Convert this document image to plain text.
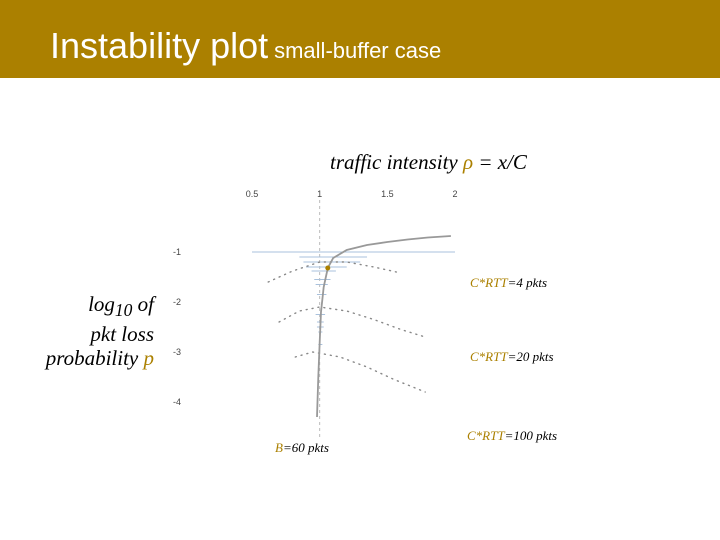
Instability plot small-buffer case
traffic intensity ρ = x/C
$\log_{10}$ of
pkt loss
probability p
C*RTT=4 pkts
C*RTT=20 pkts
C*RTT=100 pkts
B=60 pkts
0.5	1	1.5	2
-1
-2
-3
-4
